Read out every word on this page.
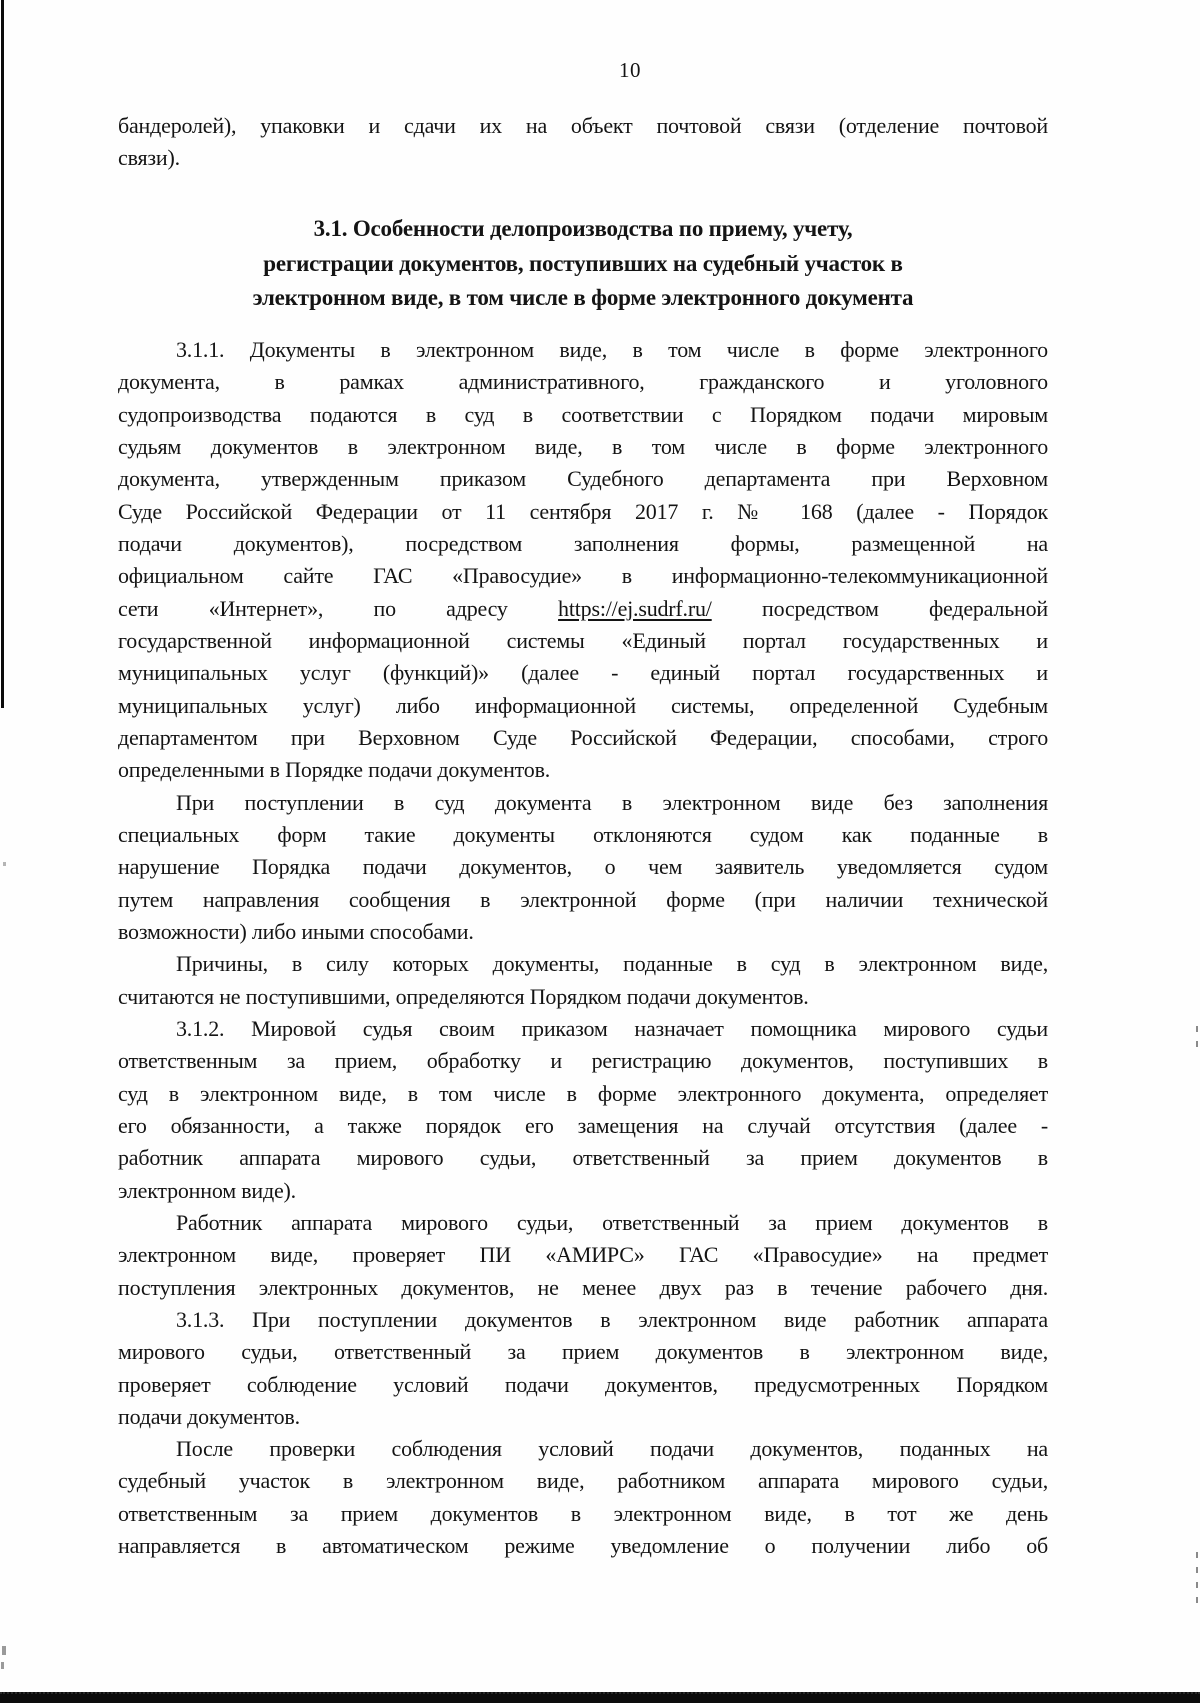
10
бандеролей), упаковки и сдачи их на объект почтовой связи (отделение почтовой
связи).
3.1. Особенности делопроизводства по приему, учету,
регистрации документов, поступивших на судебный участок в
электронном виде, в том числе в форме электронного документа
3.1.1. Документы в электронном виде, в том числе в форме электронного
документа, в рамках административного, гражданского и уголовного
судопроизводства подаются в суд в соответствии с Порядком подачи мировым
судьям документов в электронном виде, в том числе в форме электронного
документа, утвержденным приказом Судебного департамента при Верховном
Суде Российской Федерации от 11 сентября 2017 г. № 168 (далее - Порядок
подачи документов), посредством заполнения формы, размещенной на
официальном сайте ГАС «Правосудие» в информационно-телекоммуникационной
сети «Интернет», по адресу https://ej.sudrf.ru/ посредством федеральной
государственной информационной системы «Единый портал государственных и
муниципальных услуг (функций)» (далее - единый портал государственных и
муниципальных услуг) либо информационной системы, определенной Судебным
департаментом при Верховном Суде Российской Федерации, способами, строго
определенными в Порядке подачи документов.
При поступлении в суд документа в электронном виде без заполнения
специальных форм такие документы отклоняются судом как поданные в
нарушение Порядка подачи документов, о чем заявитель уведомляется судом
путем направления сообщения в электронной форме (при наличии технической
возможности) либо иными способами.
Причины, в силу которых документы, поданные в суд в электронном виде,
считаются не поступившими, определяются Порядком подачи документов.
3.1.2. Мировой судья своим приказом назначает помощника мирового судьи
ответственным за прием, обработку и регистрацию документов, поступивших в
суд в электронном виде, в том числе в форме электронного документа, определяет
его обязанности, а также порядок его замещения на случай отсутствия (далее -
работник аппарата мирового судьи, ответственный за прием документов в
электронном виде).
Работник аппарата мирового судьи, ответственный за прием документов в
электронном виде, проверяет ПИ «АМИРС» ГАС «Правосудие» на предмет
поступления электронных документов, не менее двух раз в течение рабочего дня.
3.1.3. При поступлении документов в электронном виде работник аппарата
мирового судьи, ответственный за прием документов в электронном виде,
проверяет соблюдение условий подачи документов, предусмотренных Порядком
подачи документов.
После проверки соблюдения условий подачи документов, поданных на
судебный участок в электронном виде, работником аппарата мирового судьи,
ответственным за прием документов в электронном виде, в тот же день
направляется в автоматическом режиме уведомление о получении либо об
